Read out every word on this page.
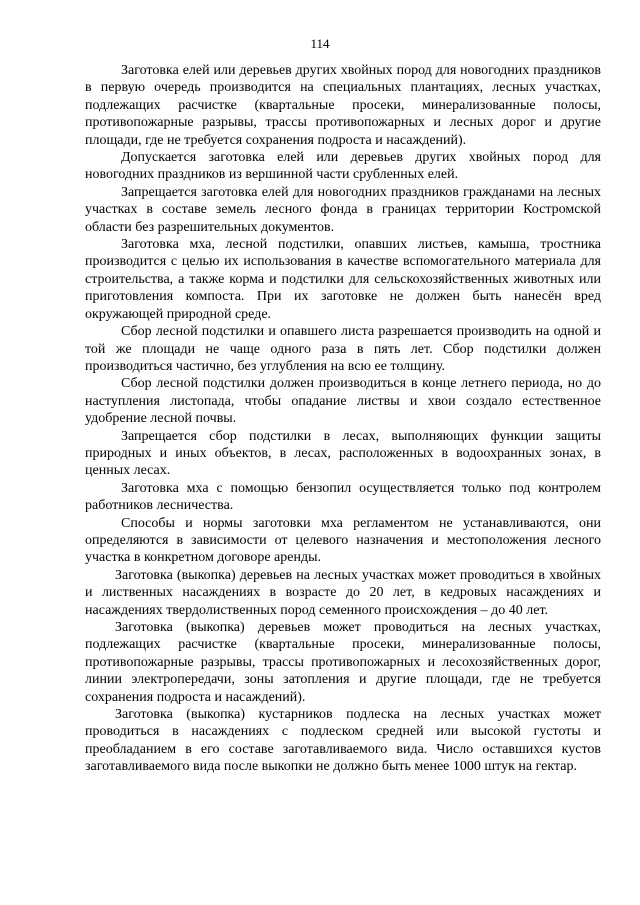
114

Заготовка елей или деревьев других хвойных пород для новогодних праздников в первую очередь производится на специальных плантациях, лесных участках, подлежащих расчистке (квартальные просеки, минерализованные полосы, противопожарные разрывы, трассы противопожарных и лесных дорог и другие площади, где не требуется сохранения подроста и насаждений).

Допускается заготовка елей или деревьев других хвойных пород для новогодних праздников из вершинной части срубленных елей.

Запрещается заготовка елей для новогодних праздников гражданами на лесных участках в составе земель лесного фонда в границах территории Костромской области без разрешительных документов.

Заготовка мха, лесной подстилки, опавших листьев, камыша, тростника производится с целью их использования в качестве вспомогательного материала для строительства, а также корма и подстилки для сельскохозяйственных животных или приготовления компоста. При их заготовке не должен быть нанесён вред окружающей природной среде.

Сбор лесной подстилки и опавшего листа разрешается производить на одной и той же площади не чаще одного раза в пять лет. Сбор подстилки должен производиться частично, без углубления на всю ее толщину.

Сбор лесной подстилки должен производиться в конце летнего периода, но до наступления листопада, чтобы опадание листвы и хвои создало естественное удобрение лесной почвы.

Запрещается сбор подстилки в лесах, выполняющих функции защиты природных и иных объектов, в лесах, расположенных в водоохранных зонах, в ценных лесах.

Заготовка мха с помощью бензопил осуществляется только под контролем работников лесничества.

Способы и нормы заготовки мха регламентом не устанавливаются, они определяются в зависимости от целевого назначения и местоположения лесного участка в конкретном договоре аренды.

Заготовка (выкопка) деревьев на лесных участках может проводиться в хвойных и лиственных насаждениях в возрасте до 20 лет, в кедровых насаждениях и насаждениях твердолиственных пород семенного происхождения – до 40 лет.

Заготовка (выкопка) деревьев может проводиться на лесных участках, подлежащих расчистке (квартальные просеки, минерализованные полосы, противопожарные разрывы, трассы противопожарных и лесохозяйственных дорог, линии электропередачи, зоны затопления и другие площади, где не требуется сохранения подроста и насаждений).

Заготовка (выкопка) кустарников подлеска на лесных участках может проводиться в насаждениях с подлеском средней или высокой густоты и преобладанием в его составе заготавливаемого вида. Число оставшихся кустов заготавливаемого вида после выкопки не должно быть менее 1000 штук на гектар.
